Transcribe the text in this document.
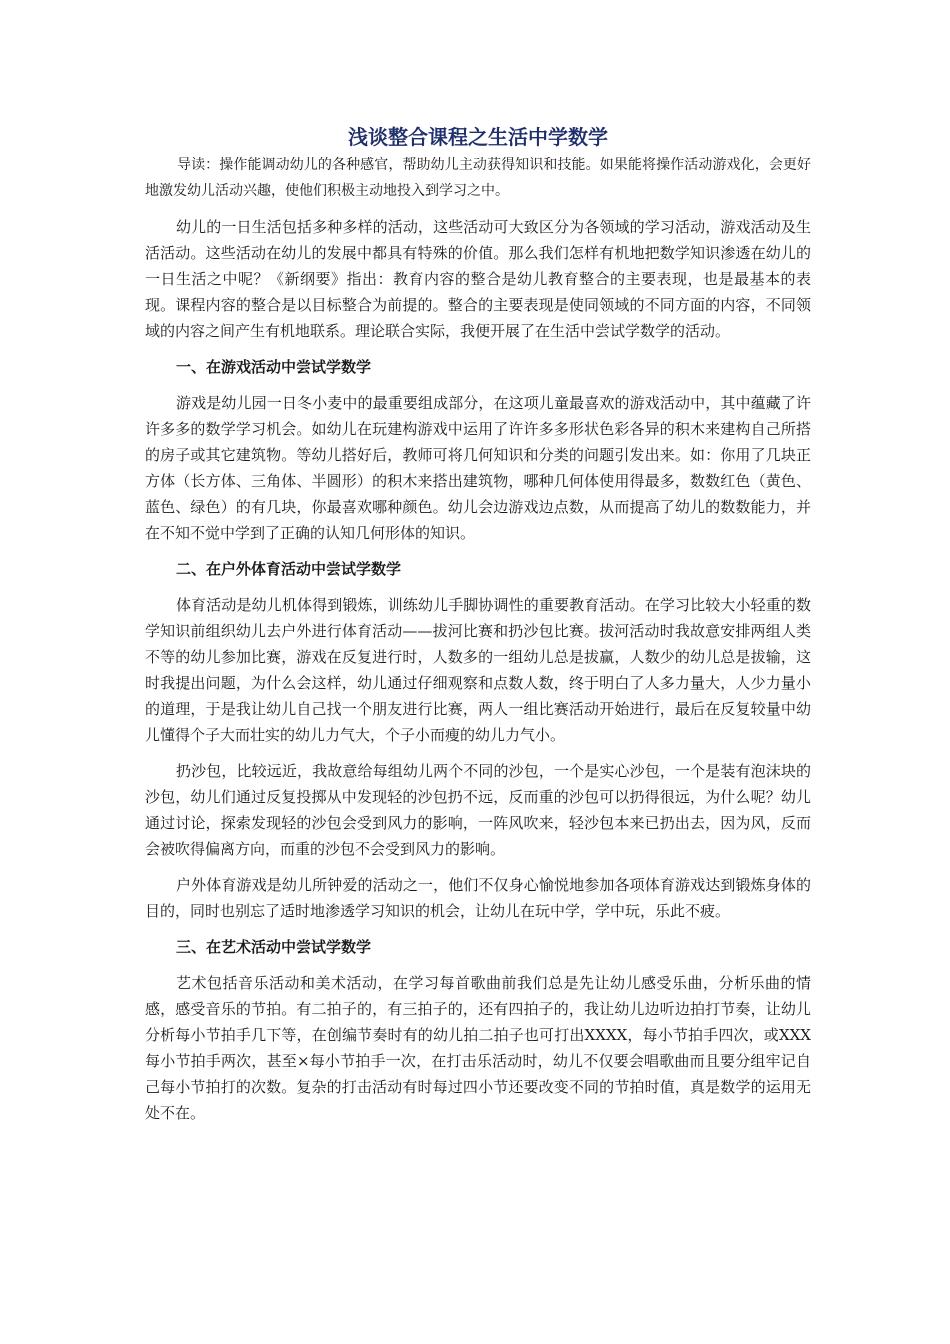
浅谈整合课程之生活中学数学

导读：操作能调动幼儿的各种感官，帮助幼儿主动获得知识和技能。如果能将操作活动游戏化，会更好地激发幼儿活动兴趣，使他们积极主动地投入到学习之中。

幼儿的一日生活包括多种多样的活动，这些活动可大致区分为各领域的学习活动，游戏活动及生活活动。这些活动在幼儿的发展中都具有特殊的价值。那么我们怎样有机地把数学知识渗透在幼儿的一日生活之中呢？《新纲要》指出：教育内容的整合是幼儿教育整合的主要表现，也是最基本的表现。课程内容的整合是以目标整合为前提的。整合的主要表现是使同领域的不同方面的内容，不同领域的内容之间产生有机地联系。理论联合实际，我便开展了在生活中尝试学数学的活动。

一、在游戏活动中尝试学数学

游戏是幼儿园一日冬小麦中的最重要组成部分，在这项儿童最喜欢的游戏活动中，其中蕴藏了许许多多的数学学习机会。如幼儿在玩建构游戏中运用了许许多多形状色彩各异的积木来建构自己所搭的房子或其它建筑物。等幼儿搭好后，教师可将几何知识和分类的问题引发出来。如：你用了几块正方体（长方体、三角体、半圆形）的积木来搭出建筑物，哪种几何体使用得最多，数数红色（黄色、蓝色、绿色）的有几块，你最喜欢哪种颜色。幼儿会边游戏边点数，从而提高了幼儿的数数能力，并在不知不觉中学到了正确的认知几何形体的知识。

二、在户外体育活动中尝试学数学

体育活动是幼儿机体得到锻炼，训练幼儿手脚协调性的重要教育活动。在学习比较大小轻重的数学知识前组织幼儿去户外进行体育活动——拔河比赛和扔沙包比赛。拔河活动时我故意安排两组人类不等的幼儿参加比赛，游戏在反复进行时，人数多的一组幼儿总是拔赢，人数少的幼儿总是拔输，这时我提出问题，为什么会这样，幼儿通过仔细观察和点数人数，终于明白了人多力量大，人少力量小的道理，于是我让幼儿自己找一个朋友进行比赛，两人一组比赛活动开始进行，最后在反复较量中幼儿懂得个子大而壮实的幼儿力气大，个子小而瘦的幼儿力气小。

扔沙包，比较远近，我故意给每组幼儿两个不同的沙包，一个是实心沙包，一个是装有泡沫块的沙包，幼儿们通过反复投掷从中发现轻的沙包扔不远，反而重的沙包可以扔得很远，为什么呢？幼儿通过讨论，探索发现轻的沙包会受到风力的影响，一阵风吹来，轻沙包本来已扔出去，因为风，反而会被吹得偏离方向，而重的沙包不会受到风力的影响。

户外体育游戏是幼儿所钟爱的活动之一，他们不仅身心愉悦地参加各项体育游戏达到锻炼身体的目的，同时也别忘了适时地渗透学习知识的机会，让幼儿在玩中学，学中玩，乐此不疲。

三、在艺术活动中尝试学数学

艺术包括音乐活动和美术活动，在学习每首歌曲前我们总是先让幼儿感受乐曲，分析乐曲的情感，感受音乐的节拍。有二拍子的，有三拍子的，还有四拍子的，我让幼儿边听边拍打节奏，让幼儿分析每小节拍手几下等，在创编节奏时有的幼儿拍二拍子也可打出XXXX，每小节拍手四次，或XXX每小节拍手两次，甚至×每小节拍手一次，在打击乐活动时，幼儿不仅要会唱歌曲而且要分组牢记自己每小节拍打的次数。复杂的打击活动有时每过四小节还要改变不同的节拍时值，真是数学的运用无处不在。
